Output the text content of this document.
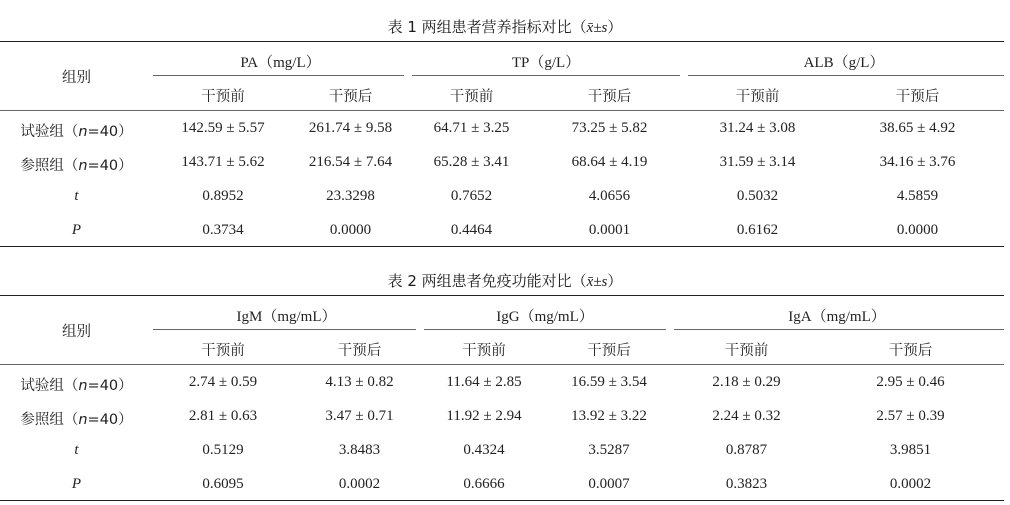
表 1 两组患者营养指标对比（x̄±s）
组别
PA（mg/L）	TP（g/L）	ALB（g/L）
干预前	干预后	干预前	干预后	干预前	干预后
试验组（n=40）	142.59 ± 5.57	261.74 ± 9.58	64.71 ± 3.25	73.25 ± 5.82	31.24 ± 3.08	38.65 ± 4.92
参照组（n=40）	143.71 ± 5.62	216.54 ± 7.64	65.28 ± 3.41	68.64 ± 4.19	31.59 ± 3.14	34.16 ± 3.76
t	0.8952	23.3298	0.7652	4.0656	0.5032	4.5859
P	0.3734	0.0000	0.4464	0.0001	0.6162	0.0000
表 2 两组患者免疫功能对比（x̄±s）
组别
IgM（mg/mL）	IgG（mg/mL）	IgA（mg/mL）
干预前	干预后	干预前	干预后	干预前	干预后
试验组（n=40）	2.74 ± 0.59	4.13 ± 0.82	11.64 ± 2.85	16.59 ± 3.54	2.18 ± 0.29	2.95 ± 0.46
参照组（n=40）	2.81 ± 0.63	3.47 ± 0.71	11.92 ± 2.94	13.92 ± 3.22	2.24 ± 0.32	2.57 ± 0.39
t	0.5129	3.8483	0.4324	3.5287	0.8787	3.9851
P	0.6095	0.0002	0.6666	0.0007	0.3823	0.0002
